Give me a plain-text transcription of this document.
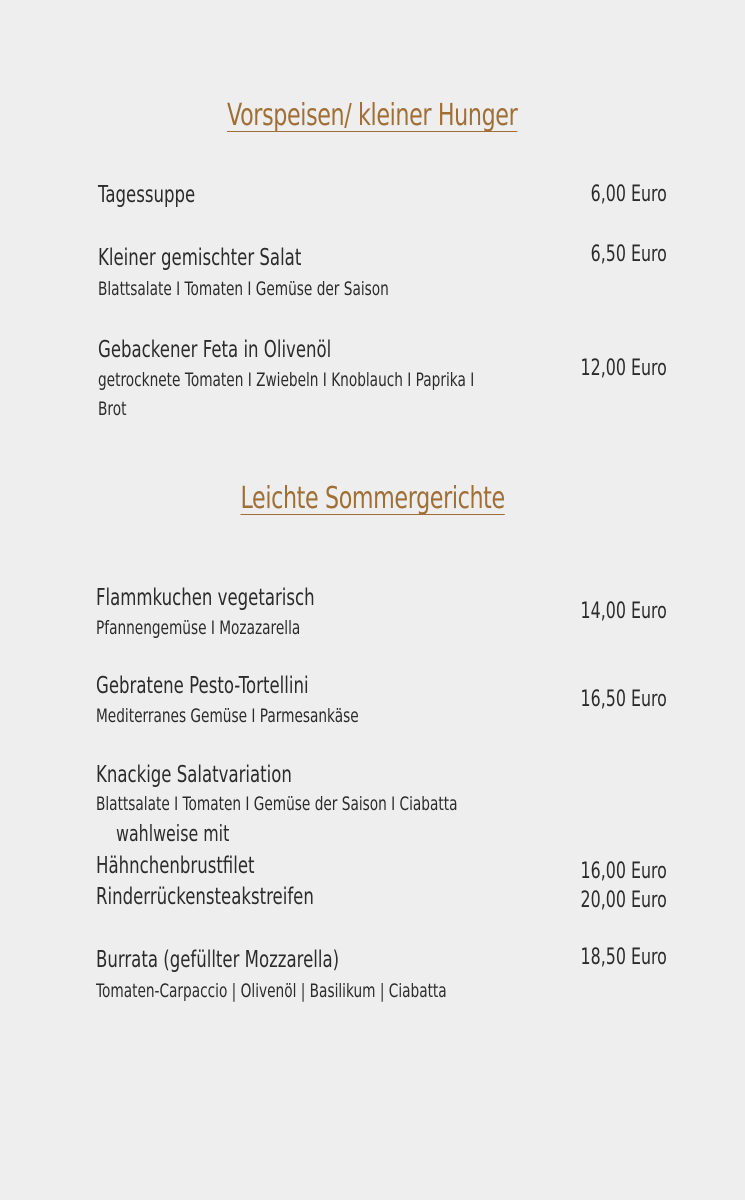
Vorspeisen/ kleiner Hunger
Tagessuppe	6,00 Euro
Kleiner gemischter Salat
Blattsalate I Tomaten I Gemüse der Saison
6,50 Euro
Gebackener Feta in Olivenöl
getrocknete Tomaten I Zwiebeln I Knoblauch I Paprika I
Brot
12,00 Euro
Leichte Sommergerichte
Flammkuchen vegetarisch
Pfannengemüse I Mozazarella
14,00 Euro
Gebratene Pesto-Tortellini
Mediterranes Gemüse I Parmesankäse
16,50 Euro
Knackige Salatvariation
Blattsalate I Tomaten I Gemüse der Saison I Ciabatta
wahlweise mit
Hähnchenbrustfilet
Rinderrückensteakstreifen
16,00 Euro
20,00 Euro
Burrata (gefüllter Mozzarella)
Tomaten-Carpaccio | Olivenöl | Basilikum | Ciabatta
18,50 Euro
